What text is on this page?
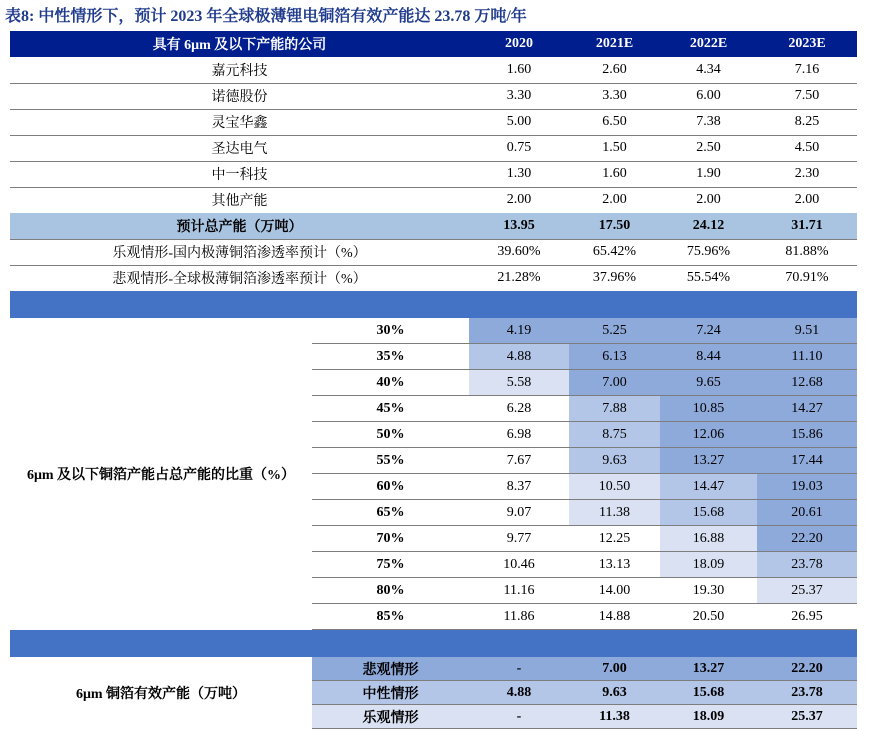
表8: 中性情形下，预计 2023 年全球极薄锂电铜箔有效产能达 23.78 万吨/年
具有 6μm 及以下产能的公司	2020	2021E	2022E	2023E
嘉元科技	1.60	2.60	4.34	7.16
诺德股份	3.30	3.30	6.00	7.50
灵宝华鑫	5.00	6.50	7.38	8.25
圣达电气	0.75	1.50	2.50	4.50
中一科技	1.30	1.60	1.90	2.30
其他产能	2.00	2.00	2.00	2.00
预计总产能（万吨）	13.95	17.50	24.12	31.71
乐观情形-国内极薄铜箔渗透率预计（%）	39.60%	65.42%	75.96%	81.88%
悲观情形-全球极薄铜箔渗透率预计（%）	21.28%	37.96%	55.54%	70.91%
30%	4.19	5.25	7.24	9.51
35%	4.88	6.13	8.44	11.10
40%	5.58	7.00	9.65	12.68
45%	6.28	7.88	10.85	14.27
50%	6.98	8.75	12.06	15.86
55%	7.67	9.63	13.27	17.44
60%	8.37	10.50	14.47	19.03
65%	9.07	11.38	15.68	20.61
70%	9.77	12.25	16.88	22.20
75%	10.46	13.13	18.09	23.78
80%	11.16	14.00	19.30	25.37
85%	11.86	14.88	20.50	26.95
6μm 及以下铜箔产能占总产能的比重（%）
悲观情形	-	7.00	13.27	22.20
中性情形	4.88	9.63	15.68	23.78
乐观情形	-	11.38	18.09	25.37
6μm 铜箔有效产能（万吨）
